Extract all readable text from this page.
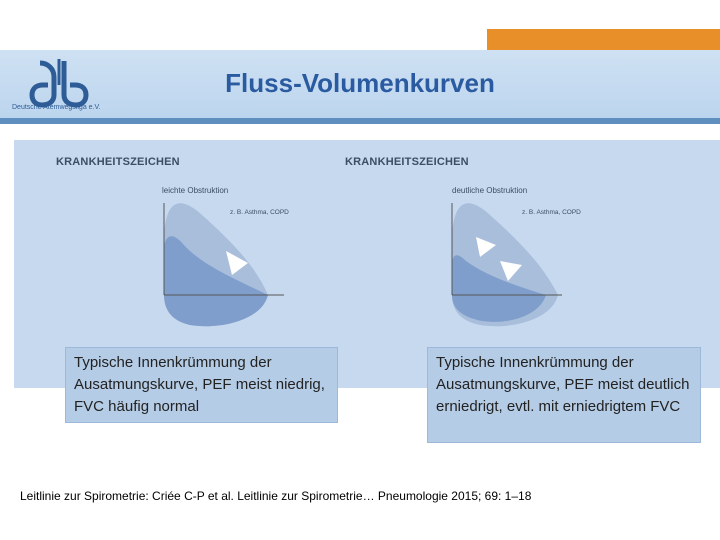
Deutsche Atemwegsliga e.V.
Fluss-Volumenkurven
KRANKHEITSZEICHEN
leichte Obstruktion
z. B. Asthma, COPD
Typische Innenkrümmung der Ausatmungskurve, PEF meist niedrig, FVC häufig normal
KRANKHEITSZEICHEN
deutliche Obstruktion
z. B. Asthma, COPD
Typische Innenkrümmung der Ausatmungskurve, PEF meist deutlich erniedrigt, evtl. mit erniedrigtem FVC
Leitlinie zur Spirometrie: Criée C-P et al. Leitlinie zur Spirometrie… Pneumologie 2015; 69: 1–18
